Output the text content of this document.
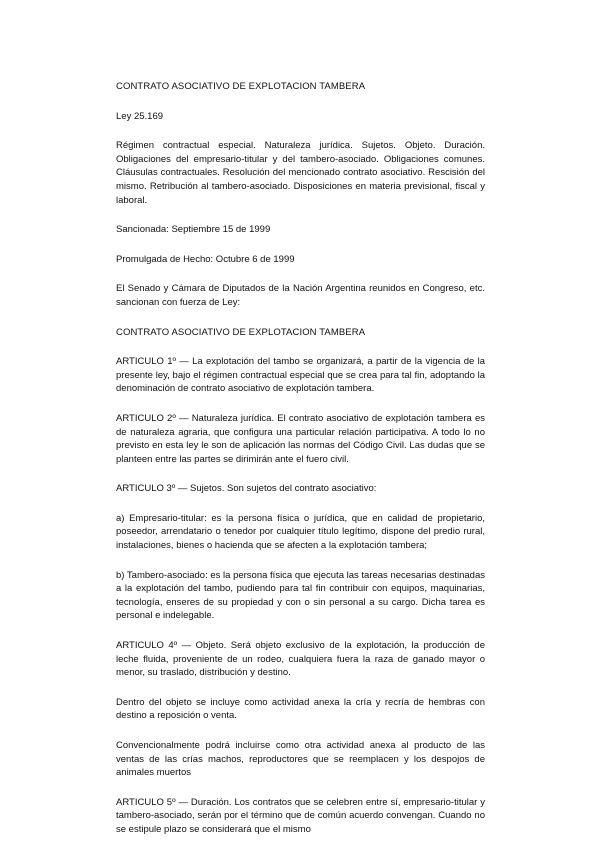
CONTRATO ASOCIATIVO DE EXPLOTACION TAMBERA

Ley 25.169

Régimen contractual especial. Naturaleza jurídica. Sujetos. Objeto. Duración. Obligaciones del empresario-titular y del tambero-asociado. Obligaciones comunes. Cláusulas contractuales. Resolución del mencionado contrato asociativo. Rescisión del mismo. Retribución al tambero-asociado. Disposiciones en materia previsional, fiscal y laboral.

Sancionada: Septiembre 15 de 1999

Promulgada de Hecho: Octubre 6 de 1999

El Senado y Cámara de Diputados de la Nación Argentina reunidos en Congreso, etc. sancionan con fuerza de Ley:

CONTRATO ASOCIATIVO DE EXPLOTACION TAMBERA

ARTICULO 1º — La explotación del tambo se organizará, a partir de la vigencia de la presente ley, bajo el régimen contractual especial que se crea para tal fin, adoptando la denominación de contrato asociativo de explotación tambera.

ARTICULO 2º — Naturaleza jurídica. El contrato asociativo de explotación tambera es de naturaleza agraria, que configura una particular relación participativa. A todo lo no previsto en esta ley le son de aplicación las normas del Código Civil. Las dudas que se planteen entre las partes se dirimirán ante el fuero civil.

ARTICULO 3º — Sujetos. Son sujetos del contrato asociativo:

a) Empresario-titular: es la persona física o jurídica, que en calidad de propietario, poseedor, arrendatario o tenedor por cualquier título legítimo, dispone del predio rural, instalaciones, bienes o hacienda que se afecten a la explotación tambera;

b) Tambero-asociado: es la persona física que ejecuta las tareas necesarias destinadas a la explotación del tambo, pudiendo para tal fin contribuir con equipos, maquinarias, tecnología, enseres de su propiedad y con o sin personal a su cargo. Dicha tarea es personal e indelegable.

ARTICULO 4º — Objeto. Será objeto exclusivo de la explotación, la producción de leche fluida, proveniente de un rodeo, cualquiera fuera la raza de ganado mayor o menor, su traslado, distribución y destino.

Dentro del objeto se incluye como actividad anexa la cría y recría de hembras con destino a reposición o venta.

Convencionalmente podrá incluirse como otra actividad anexa al producto de las ventas de las crías machos, reproductores que se reemplacen y los despojos de animales muertos

ARTICULO 5º — Duración. Los contratos que se celebren entre sí, empresario-titular y tambero-asociado, serán por el término que de común acuerdo convengan. Cuando no se estipule plazo se considerará que el mismo
